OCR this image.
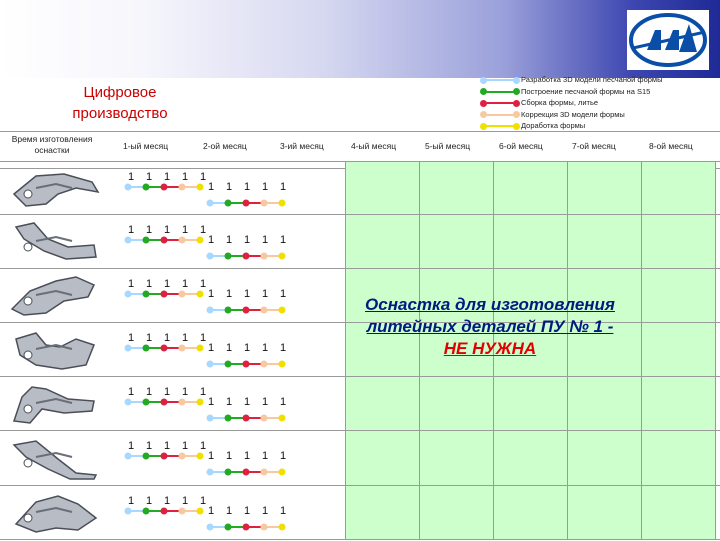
Цифровое
производство
Разработка 3D модели песчаной формы
Построение песчаной формы на S15
Сборка формы, литье
Коррекция 3D модели формы
Доработка формы
Время изготовления оснастки	1-ый месяц	2-ой месяц	3-ий месяц	4-ый месяц	5-ый месяц	6-ой месяц	7-ой месяц	8-ой месяц
1 1 1 1 1
1 1 1 1 1
1 1 1 1 1
1 1 1 1 1
1 1 1 1 1
1 1 1 1 1
1 1 1 1 1
1 1 1 1 1
1 1 1 1 1
1 1 1 1 1
1 1 1 1 1
1 1 1 1 1
1 1 1 1 1
1 1 1 1 1
Оснастка для изготовления
литейных деталей ПУ № 1 -
НЕ НУЖНА
